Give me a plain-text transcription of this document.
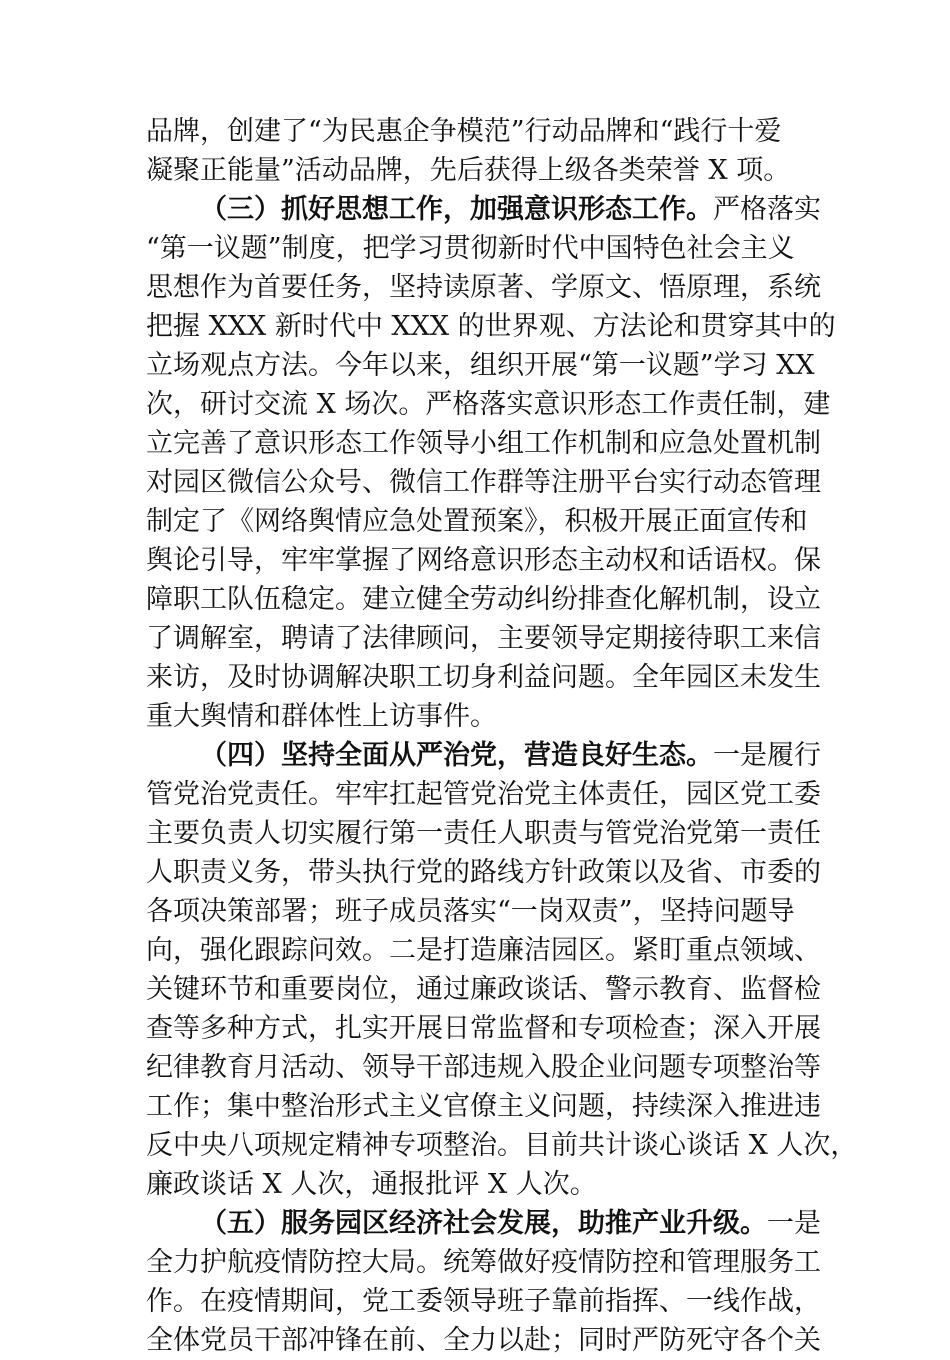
品牌，创建了“为民惠企争模范”行动品牌和“践行十爱
凝聚正能量”活动品牌，先后获得上级各类荣誉 X 项。
（三）抓好思想工作，加强意识形态工作。严格落实
“第一议题”制度，把学习贯彻新时代中国特色社会主义
思想作为首要任务，坚持读原著、学原文、悟原理，系统
把握 XXX 新时代中 XXX 的世界观、方法论和贯穿其中的
立场观点方法。今年以来，组织开展“第一议题”学习 XX
次，研讨交流 X 场次。严格落实意识形态工作责任制，建
立完善了意识形态工作领导小组工作机制和应急处置机制
对园区微信公众号、微信工作群等注册平台实行动态管理
制定了《网络舆情应急处置预案》，积极开展正面宣传和
舆论引导，牢牢掌握了网络意识形态主动权和话语权。保
障职工队伍稳定。建立健全劳动纠纷排查化解机制，设立
了调解室，聘请了法律顾问，主要领导定期接待职工来信
来访，及时协调解决职工切身利益问题。全年园区未发生
重大舆情和群体性上访事件。
（四）坚持全面从严治党，营造良好生态。一是履行
管党治党责任。牢牢扛起管党治党主体责任，园区党工委
主要负责人切实履行第一责任人职责与管党治党第一责任
人职责义务，带头执行党的路线方针政策以及省、市委的
各项决策部署；班子成员落实“一岗双责”，坚持问题导
向，强化跟踪问效。二是打造廉洁园区。紧盯重点领域、
关键环节和重要岗位，通过廉政谈话、警示教育、监督检
查等多种方式，扎实开展日常监督和专项检查；深入开展
纪律教育月活动、领导干部违规入股企业问题专项整治等
工作；集中整治形式主义官僚主义问题，持续深入推进违
反中央八项规定精神专项整治。目前共计谈心谈话 X 人次，
廉政谈话 X 人次，通报批评 X 人次。
（五）服务园区经济社会发展，助推产业升级。一是
全力护航疫情防控大局。统筹做好疫情防控和管理服务工
作。在疫情期间，党工委领导班子靠前指挥、一线作战，
全体党员干部冲锋在前、全力以赴；同时严防死守各个关
